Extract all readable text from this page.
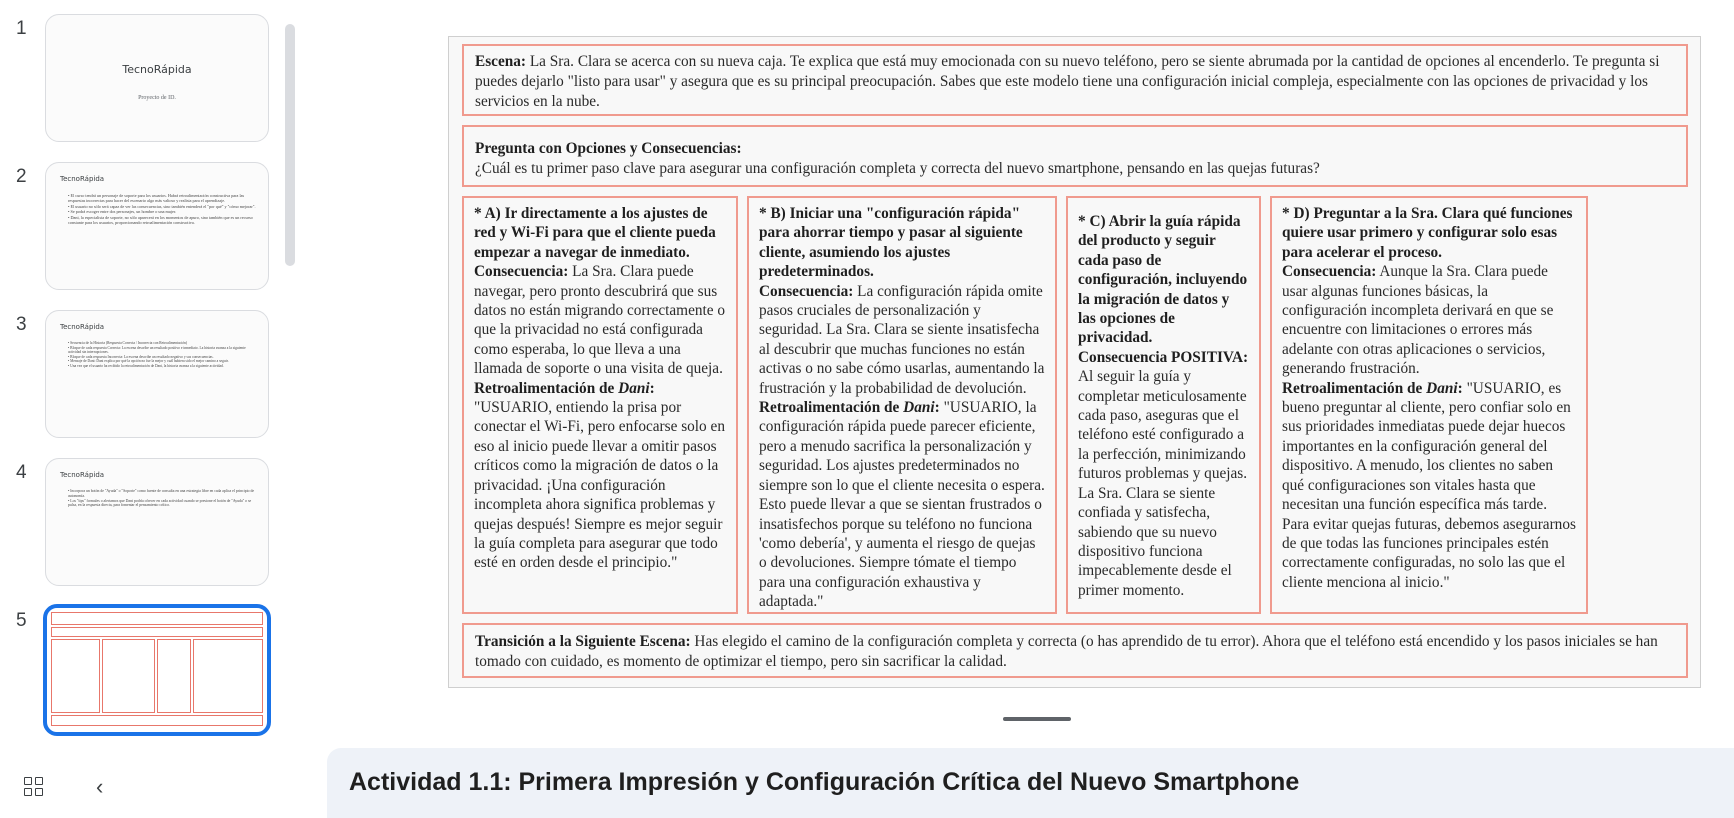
1
TecnoRápida
Proyecto de ID.
2	TecnoRápida
• El curso tendrá un personaje de soporte para los usuarios. Habrá retroalimentación constructiva para las respuestas incorrectas para hacer del escenario algo más valioso y realista para el aprendizaje.
• El usuario no sólo será capaz de ver las consecuencias, sino también entenderá el "por qué" y "cómo mejorar".
• Se podrá escoger entre dos personajes, un hombre o una mujer.
• Dani, la especialista de soporte, no sólo aparecerá en los momentos de apuro, sino también que es un recurso constante para los usuarios, proporcionando retroalimentación constructiva.
3	TecnoRápida
• Secuencia de la Historia (Respuesta Correcta / Incorrecta con Retroalimentación)
• Bloque de cada respuesta Correcta: La escena describe un resultado positivo e inmediato. La historia avanza a la siguiente actividad sin interrupciones.
• Bloque de cada respuesta Incorrecta: La escena describe un resultado negativo y sus consecuencias.
• Mensaje de Dani: Dani explica por qué la opción no fue la mejor y cuál hubiera sido el mejor camino a seguir.
• Una vez que el usuario ha recibido la retroalimentación de Dani, la historia avanza a la siguiente actividad.
4	TecnoRápida
• Incorpora un botón de "Ayuda" o "Soporte" como fuente de consulta en una estrategia libre en cada aplica el principio de autonomía.
• Los "tips" formales o alertamos que Dani podría ofrecer en cada actividad cuando se presione el botón de "Ayuda" o se pulsa, en la respuesta directa, para fomentar el pensamiento crítico.
5
‹

Escena: La Sra. Clara se acerca con su nueva caja. Te explica que está muy emocionada con su nuevo teléfono, pero se siente abrumada por la cantidad de opciones al encenderlo. Te pregunta si puedes dejarlo "listo para usar" y asegura que es su principal preocupación. Sabes que este modelo tiene una configuración inicial compleja, especialmente con las opciones de privacidad y los servicios en la nube.

Pregunta con Opciones y Consecuencias:

¿Cuál es tu primer paso clave para asegurar una configuración completa y correcta del nuevo smartphone, pensando en las quejas futuras?

* A) Ir directamente a los ajustes de red y Wi-Fi para que el cliente pueda empezar a navegar de inmediato.

Consecuencia: La Sra. Clara puede navegar, pero pronto descubrirá que sus datos no están migrando correctamente o que la privacidad no está configurada como esperaba, lo que lleva a una llamada de soporte o una visita de queja.

Retroalimentación de Dani:

"USUARIO, entiendo la prisa por conectar el Wi-Fi, pero enfocarse solo en eso al inicio puede llevar a omitir pasos críticos como la migración de datos o la privacidad. ¡Una configuración incompleta ahora significa problemas y quejas después! Siempre es mejor seguir la guía completa para asegurar que todo esté en orden desde el principio."

* B) Iniciar una "configuración rápida" para ahorrar tiempo y pasar al siguiente cliente, asumiendo los ajustes predeterminados.

Consecuencia: La configuración rápida omite pasos cruciales de personalización y seguridad. La Sra. Clara se siente insatisfecha al descubrir que muchas funciones no están activas o no sabe cómo usarlas, aumentando la frustración y la probabilidad de devolución.

Retroalimentación de Dani: "USUARIO, la configuración rápida puede parecer eficiente, pero a menudo sacrifica la personalización y seguridad. Los ajustes predeterminados no siempre son lo que el cliente necesita o espera. Esto puede llevar a que se sientan frustrados o insatisfechos porque su teléfono no funciona 'como debería', y aumenta el riesgo de quejas o devoluciones. Siempre tómate el tiempo para una configuración exhaustiva y adaptada."

* C) Abrir la guía rápida del producto y seguir cada paso de configuración, incluyendo la migración de datos y las opciones de privacidad.

Consecuencia POSITIVA:

Al seguir la guía y completar meticulosamente cada paso, aseguras que el teléfono esté configurado a la perfección, minimizando futuros problemas y quejas. La Sra. Clara se siente confiada y satisfecha, sabiendo que su nuevo dispositivo funciona impecablemente desde el primer momento.

* D) Preguntar a la Sra. Clara qué funciones quiere usar primero y configurar solo esas para acelerar el proceso.

Consecuencia: Aunque la Sra. Clara puede usar algunas funciones básicas, la configuración incompleta derivará en que se encuentre con limitaciones o errores más adelante con otras aplicaciones o servicios, generando frustración.

Retroalimentación de Dani: "USUARIO, es bueno preguntar al cliente, pero confiar solo en sus prioridades inmediatas puede dejar huecos importantes en la configuración general del dispositivo. A menudo, los clientes no saben qué configuraciones son vitales hasta que necesitan una función específica más tarde. Para evitar quejas futuras, debemos asegurarnos de que todas las funciones principales estén correctamente configuradas, no solo las que el cliente menciona al inicio."

Transición a la Siguiente Escena: Has elegido el camino de la configuración completa y correcta (o has aprendido de tu error). Ahora que el teléfono está encendido y los pasos iniciales se han tomado con cuidado, es momento de optimizar el tiempo, pero sin sacrificar la calidad.

Actividad 1.1: Primera Impresión y Configuración Crítica del Nuevo Smartphone
